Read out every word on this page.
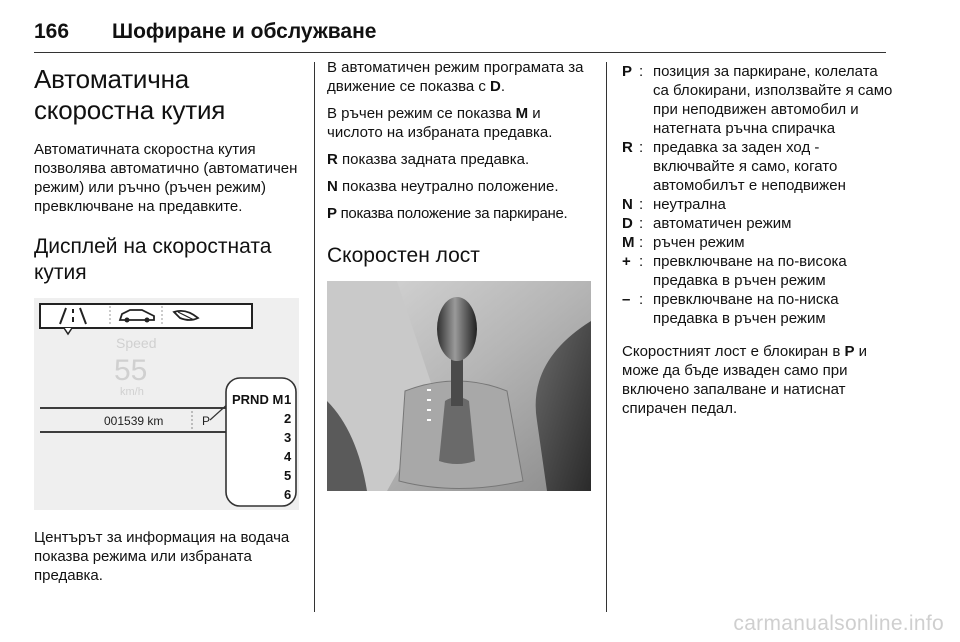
166 Шофиране и обслужване
Автоматична
скоростна кутия

Автоматичната скоростна кутия позволява автоматично (автоматичен режим) или ръчно (ръчен режим) превключване на предавките.

Дисплей на скоростната
кутия
Speed
55
km/h
001539 km	P
PRND M 1
2
3
4
5
6

Центърът за информация на водача показва режима или избраната предавка.

В автоматичен режим програмата за движение се показва с D.

В ръчен режим се показва M и числото на избраната предавка.

R показва задната предавка.

N показва неутрално положение.

P показва положение за паркиране.

Скоростен лост
P : позиция за паркиране, колелата са блокирани, използвайте я само при неподвижен автомобил и натегната ръчна спирачка
R : предавка за заден ход - включвайте я само, когато автомобилът е неподвижен
N : неутрална
D : автоматичен режим
M : ръчен режим
+ : превключване на по-висока предавка в ръчен режим
– : превключване на по-ниска предавка в ръчен режим

Скоростният лост е блокиран в P и може да бъде изваден само при включено запалване и натиснат спирачен педал.

carmanualsonline.info
